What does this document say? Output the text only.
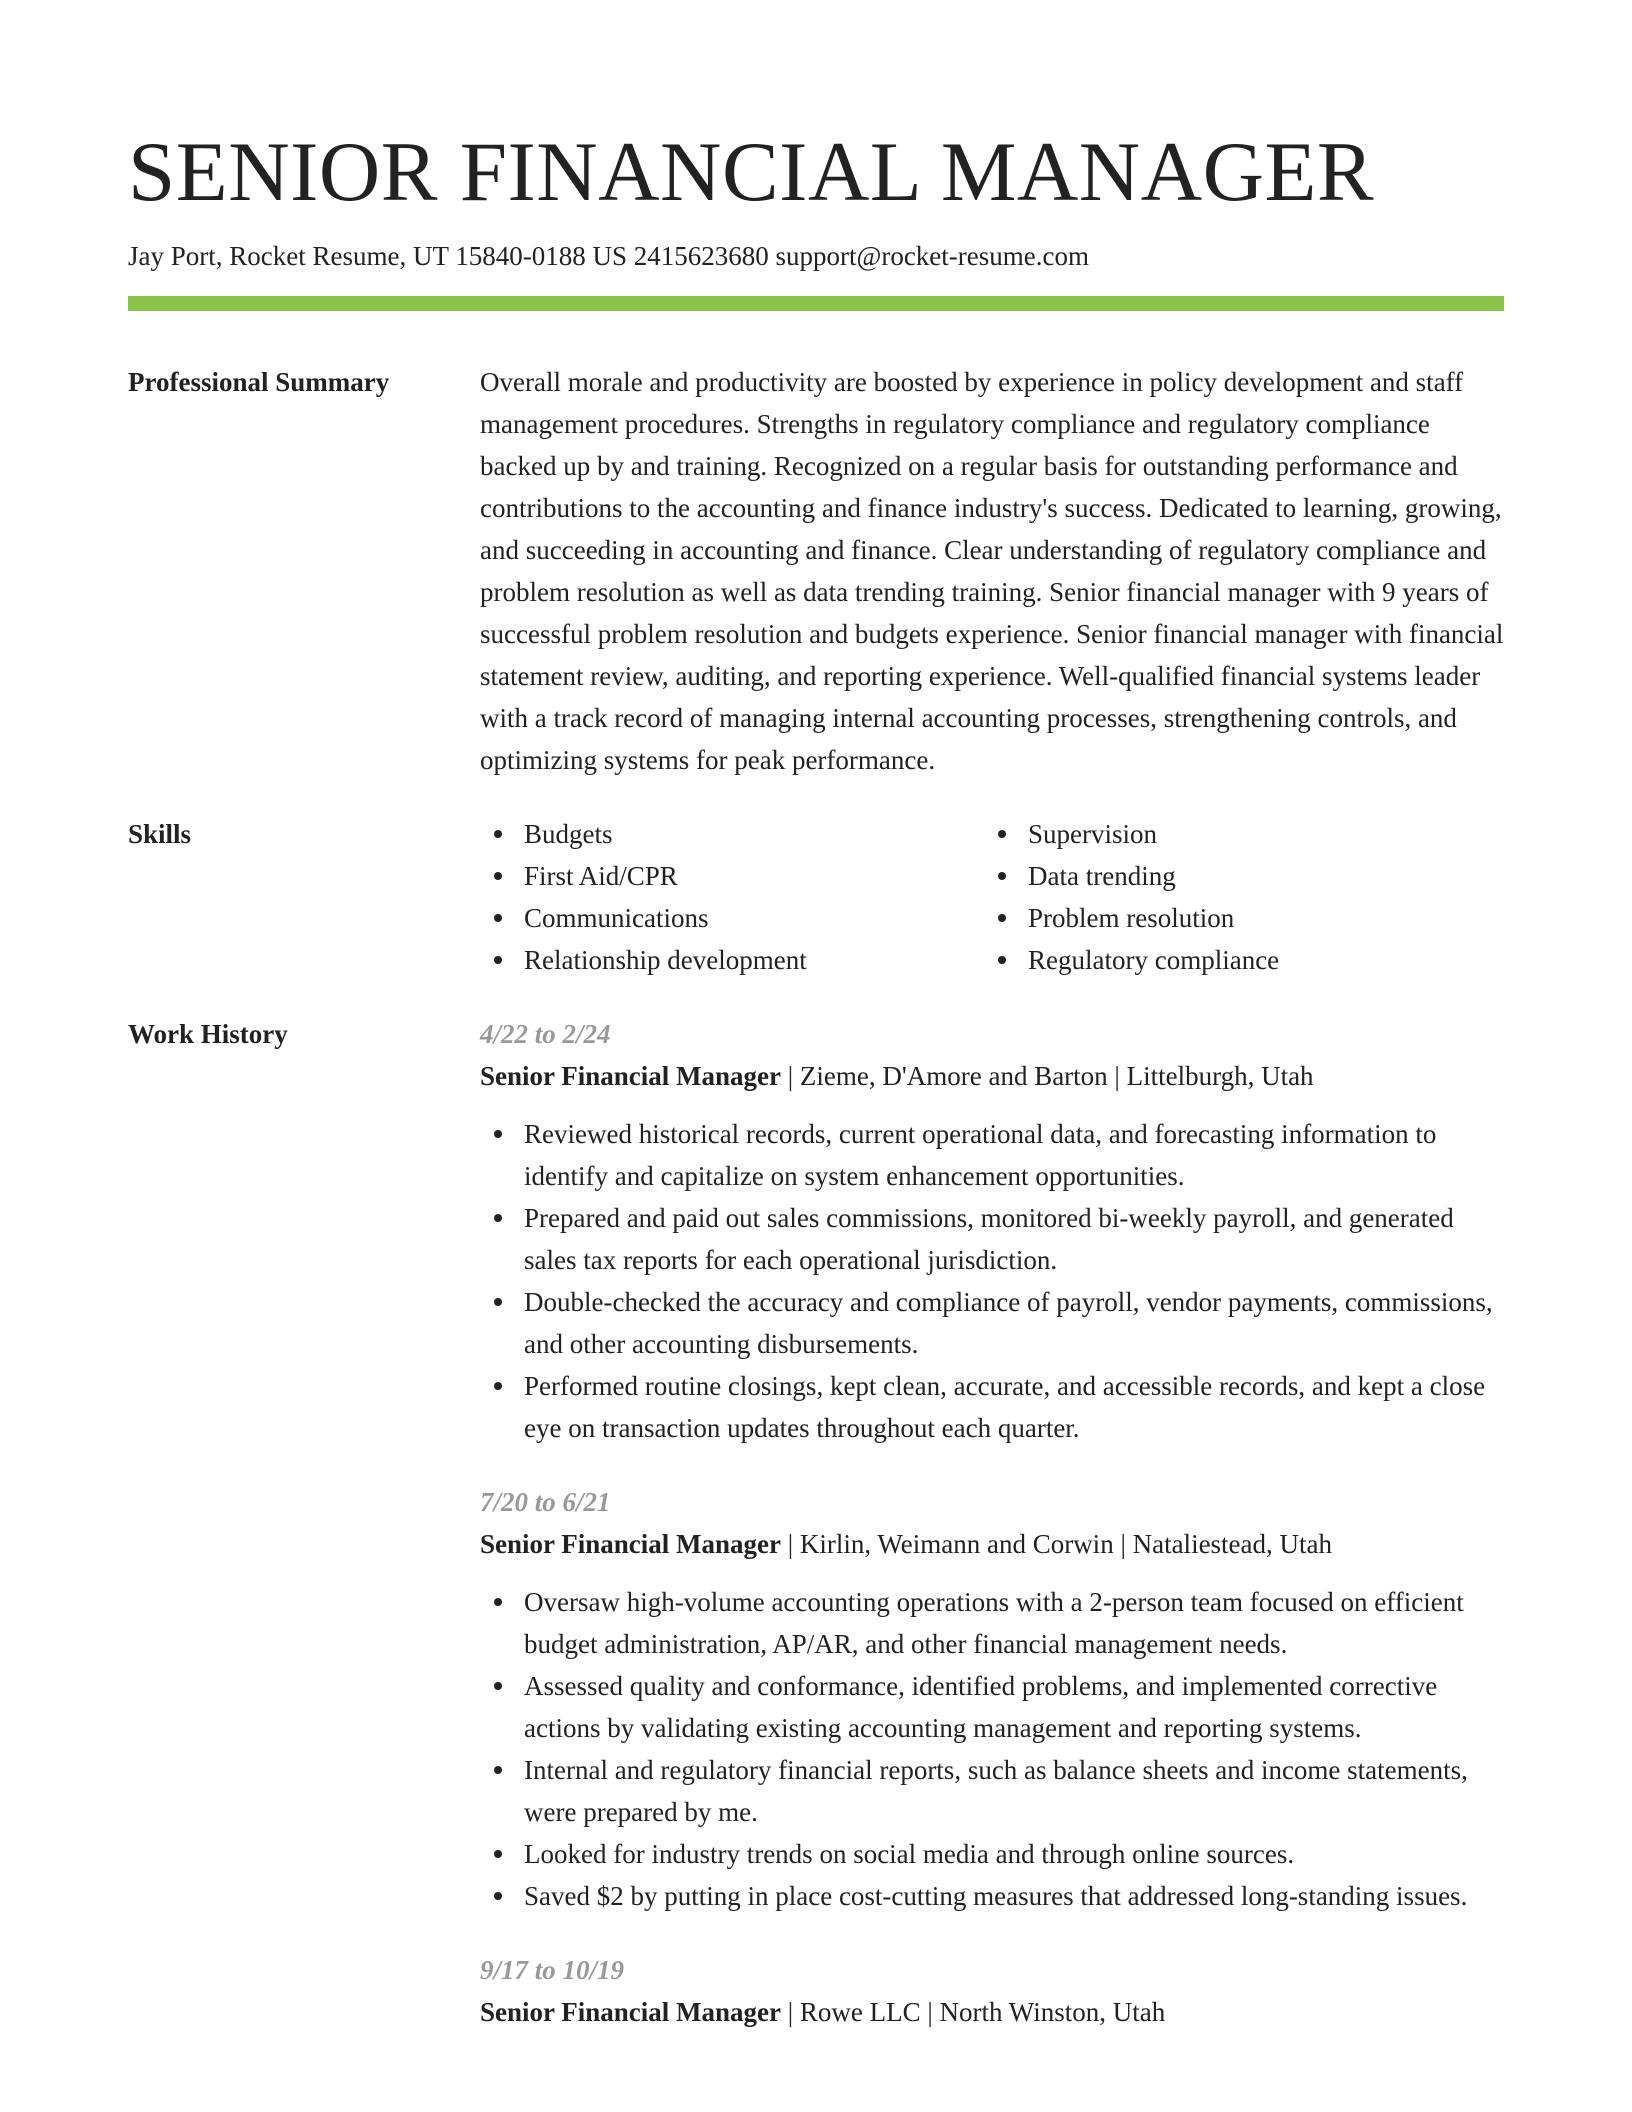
SENIOR FINANCIAL MANAGER
Jay Port, Rocket Resume, UT 15840-0188 US 2415623680 support@rocket-resume.com
Professional Summary	Overall morale and productivity are boosted by experience in policy development and staff management procedures. Strengths in regulatory compliance and regulatory compliance backed up by and training. Recognized on a regular basis for outstanding performance and contributions to the accounting and finance industry's success. Dedicated to learning, growing, and succeeding in accounting and finance. Clear understanding of regulatory compliance and problem resolution as well as data trending training. Senior financial manager with 9 years of successful problem resolution and budgets experience. Senior financial manager with financial statement review, auditing, and reporting experience. Well-qualified financial systems leader with a track record of managing internal accounting processes, strengthening controls, and optimizing systems for peak performance.

Skills	Budgets
First Aid/CPR
Communications
Relationship development
Supervision
Data trending
Problem resolution
Regulatory compliance
Work History	4/22 to 2/24
Senior Financial Manager | Zieme, D'Amore and Barton | Littelburgh, Utah
Reviewed historical records, current operational data, and forecasting information to identify and capitalize on system enhancement opportunities.
Prepared and paid out sales commissions, monitored bi-weekly payroll, and generated sales tax reports for each operational jurisdiction.
Double-checked the accuracy and compliance of payroll, vendor payments, commissions, and other accounting disbursements.
Performed routine closings, kept clean, accurate, and accessible records, and kept a close eye on transaction updates throughout each quarter.
7/20 to 6/21
Senior Financial Manager | Kirlin, Weimann and Corwin | Nataliestead, Utah
Oversaw high-volume accounting operations with a 2-person team focused on efficient budget administration, AP/AR, and other financial management needs.
Assessed quality and conformance, identified problems, and implemented corrective actions by validating existing accounting management and reporting systems.
Internal and regulatory financial reports, such as balance sheets and income statements, were prepared by me.
Looked for industry trends on social media and through online sources.
Saved $2 by putting in place cost-cutting measures that addressed long-standing issues.
9/17 to 10/19
Senior Financial Manager | Rowe LLC | North Winston, Utah
